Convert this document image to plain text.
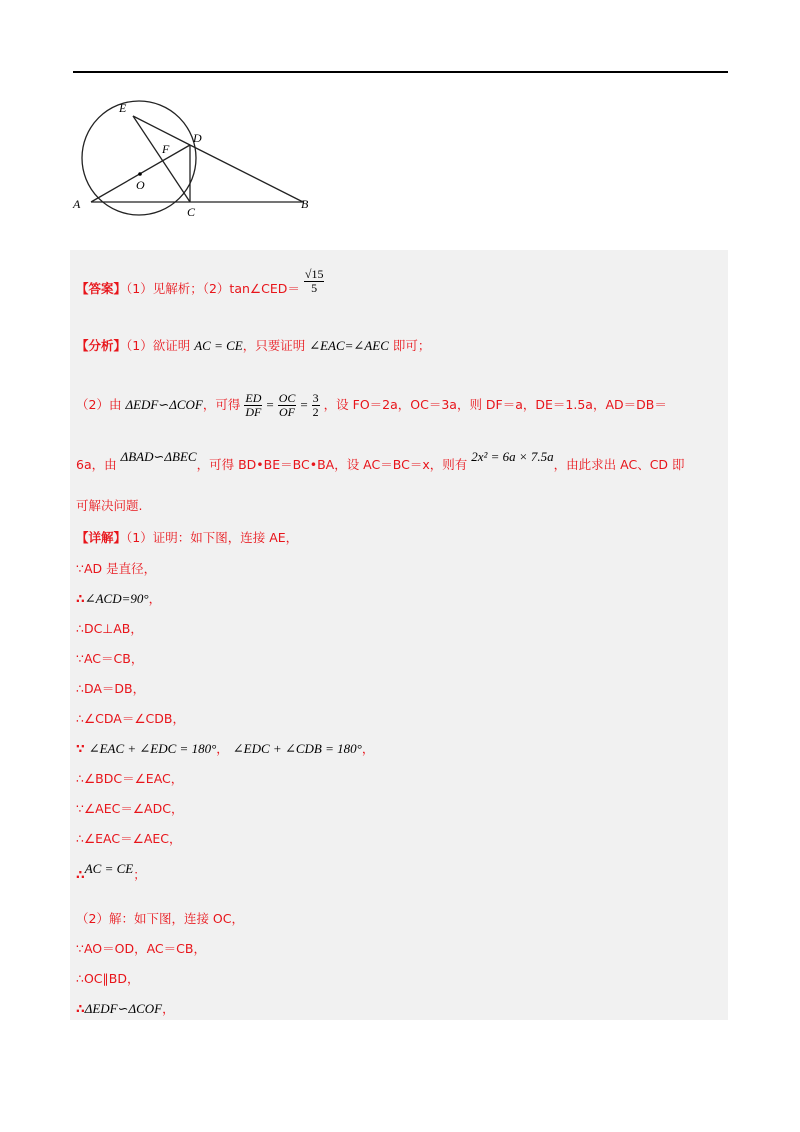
E
D
F
O
A
C
B
【答案】（1）见解析；（2）tan∠CED＝ $\frac{√15}{5}$
【分析】（1）欲证明 AC = CE，只要证明 ∠EAC=∠AEC 即可；
（2）由 ΔEDF∽ΔCOF，可得 $\frac{ED}{DF} = \frac{OC}{OF} = \frac{3}{2}$ ，设 FO＝2a，OC＝3a，则 DF＝a，DE＝1.5a，AD＝DB＝
6a，由 ΔBAD∽ΔBEC，可得 BD•BE＝BC•BA，设 AC＝BC＝x，则有 2x² = 6a × 7.5a，由此求出 AC、CD 即
可解决问题.
【详解】（1）证明：如下图，连接 AE，
∵AD 是直径，
∴∠ACD=90°，
∴DC⊥AB，
∵AC＝CB，
∴DA＝DB，
∴∠CDA＝∠CDB，
∵ ∠EAC + ∠EDC = 180°， ∠EDC + ∠CDB = 180°，
∴∠BDC＝∠EAC，
∵∠AEC＝∠ADC，
∴∠EAC＝∠AEC，
∴AC = CE；
（2）解：如下图，连接 OC，
∵AO＝OD，AC＝CB，
∴OC∥BD，
∴ΔEDF∽ΔCOF，
